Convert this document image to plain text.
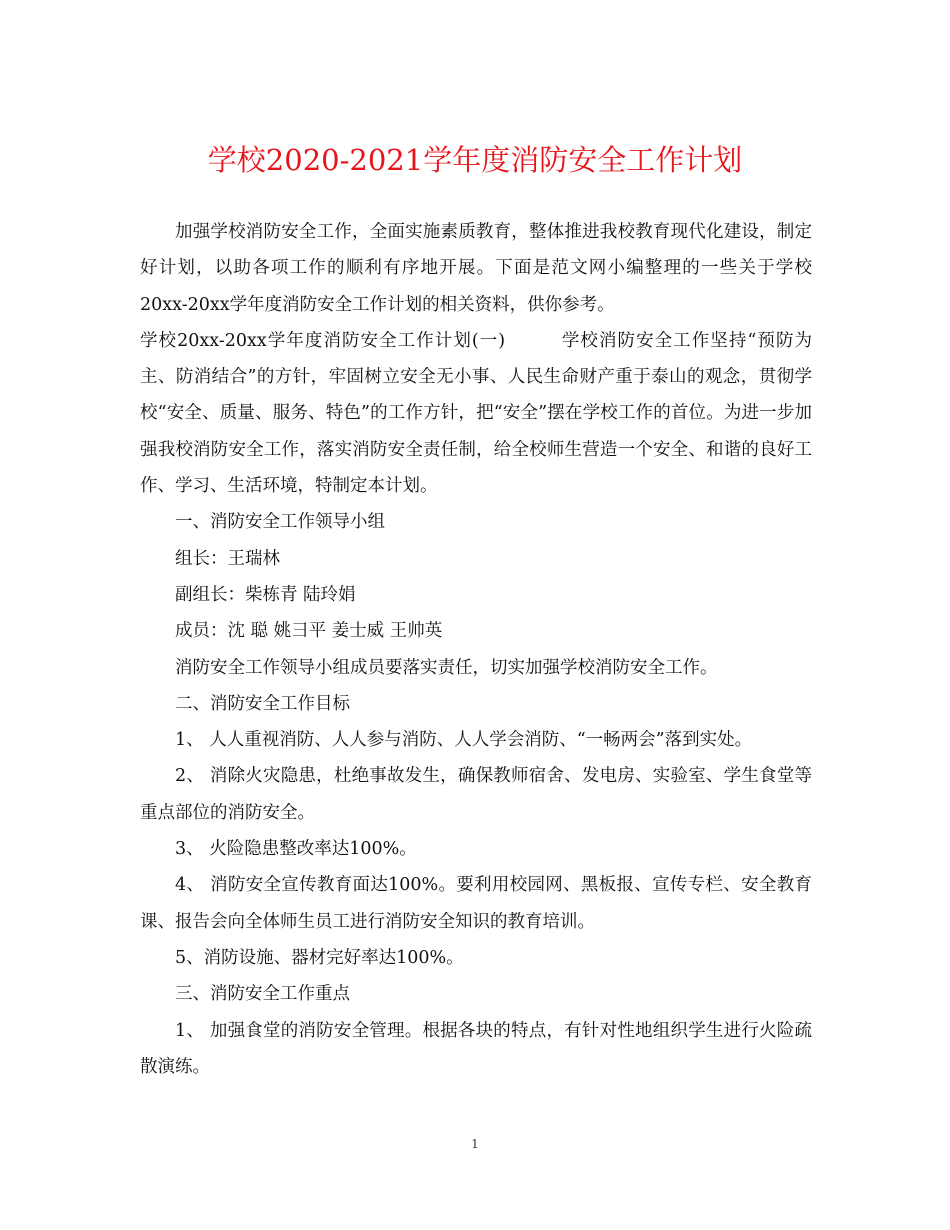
学校2020-2021学年度消防安全工作计划

加强学校消防安全工作，全面实施素质教育，整体推进我校教育现代化建设，制定好计划，以助各项工作的顺利有序地开展。下面是范文网小编整理的一些关于学校20xx-20xx学年度消防安全工作计划的相关资料，供你参考。

学校20xx-20xx学年度消防安全工作计划(一)　　　学校消防安全工作坚持“预防为主、防消结合”的方针，牢固树立安全无小事、人民生命财产重于泰山的观念，贯彻学校“安全、质量、服务、特色”的工作方针，把“安全”摆在学校工作的首位。为进一步加强我校消防安全工作，落实消防安全责任制，给全校师生营造一个安全、和谐的良好工作、学习、生活环境，特制定本计划。

一、消防安全工作领导小组

组长：王瑞林

副组长：柴栋青 陆玲娟

成员：沈 聪 姚彐平 姜士威 王帅英

消防安全工作领导小组成员要落实责任，切实加强学校消防安全工作。

二、消防安全工作目标

1、 人人重视消防、人人参与消防、人人学会消防、“一畅两会”落到实处。

2、 消除火灾隐患，杜绝事故发生，确保教师宿舍、发电房、实验室、学生食堂等重点部位的消防安全。

3、 火险隐患整改率达100%。

4、 消防安全宣传教育面达100%。要利用校园网、黑板报、宣传专栏、安全教育课、报告会向全体师生员工进行消防安全知识的教育培训。

5、消防设施、器材完好率达100%。

三、消防安全工作重点

1、 加强食堂的消防安全管理。根据各块的特点，有针对性地组织学生进行火险疏散演练。

1
